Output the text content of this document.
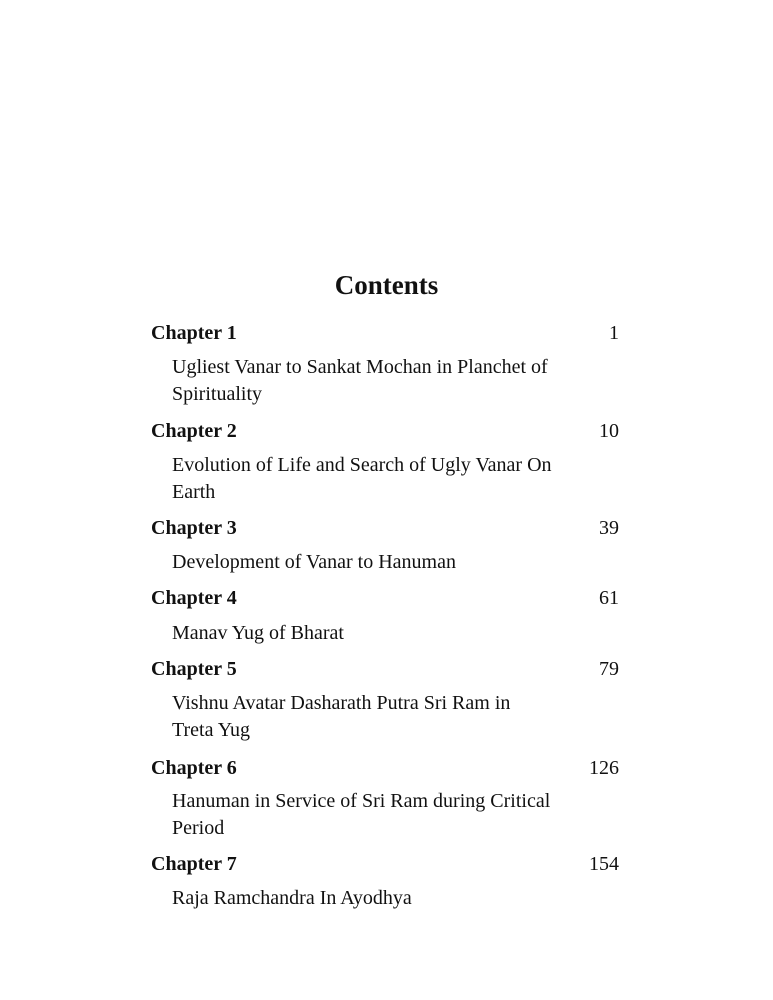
Contents
Chapter 1	1
Ugliest Vanar to Sankat Mochan in Planchet of Spirituality
Chapter 2	10
Evolution of Life and Search of Ugly Vanar On Earth
Chapter 3	39
Development of Vanar to Hanuman
Chapter 4	61
Manav Yug of Bharat
Chapter 5	79
Vishnu Avatar Dasharath Putra Sri Ram in Treta Yug
Chapter 6	126
Hanuman in Service of Sri Ram during Critical Period
Chapter 7	154
Raja Ramchandra In Ayodhya
